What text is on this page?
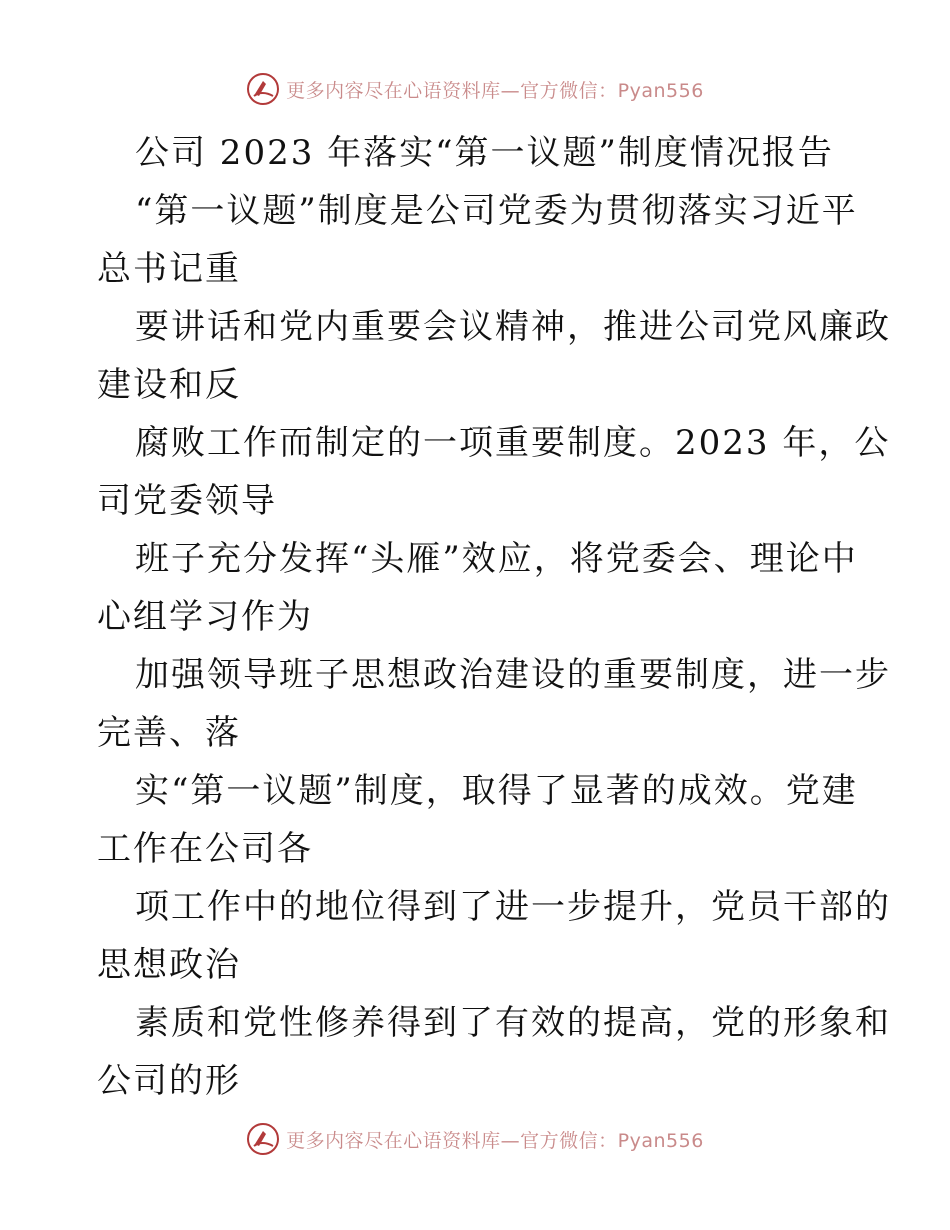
更多内容尽在心语资料库—官方微信：Pyan556
公司 2023 年落实“第一议题”制度情况报告
“第一议题”制度是公司党委为贯彻落实习近平
总书记重
要讲话和党内重要会议精神，推进公司党风廉政
建设和反
腐败工作而制定的一项重要制度。2023 年，公
司党委领导
班子充分发挥“头雁”效应，将党委会、理论中
心组学习作为
加强领导班子思想政治建设的重要制度，进一步
完善、落
实“第一议题”制度，取得了显著的成效。党建
工作在公司各
项工作中的地位得到了进一步提升，党员干部的
思想政治
素质和党性修养得到了有效的提高，党的形象和
公司的形
更多内容尽在心语资料库—官方微信：Pyan556
